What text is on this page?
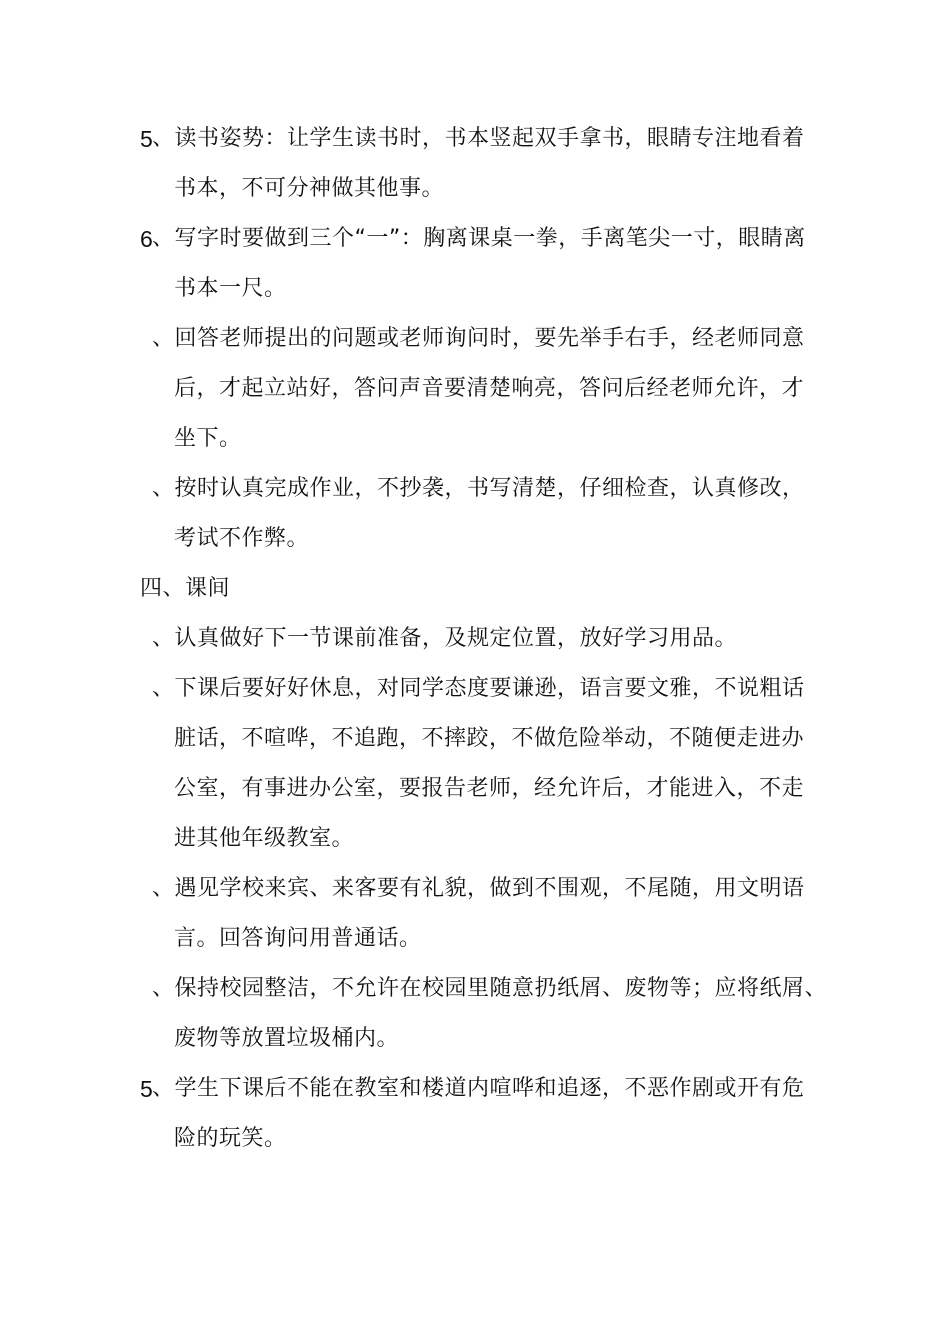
5
、读书姿势：让学生读书时，书本竖起双手拿书，眼睛专注地看着
书本，不可分神做其他事。
6
、写字时要做到三个“一”：胸离课桌一拳，手离笔尖一寸，眼睛离
书本一尺。
、回答老师提出的问题或老师询问时，要先举手右手，经老师同意
后，才起立站好，答问声音要清楚响亮，答问后经老师允许，才
坐下。
、按时认真完成作业，不抄袭，书写清楚，仔细检查，认真修改，
考试不作弊。
四、课间
、认真做好下一节课前准备，及规定位置，放好学习用品。
、下课后要好好休息，对同学态度要谦逊，语言要文雅，不说粗话
脏话，不喧哗，不追跑，不摔跤，不做危险举动，不随便走进办
公室，有事进办公室，要报告老师，经允许后，才能进入，不走
进其他年级教室。
、遇见学校来宾、来客要有礼貌，做到不围观，不尾随，用文明语
言。回答询问用普通话。
、保持校园整洁，不允许在校园里随意扔纸屑、废物等；应将纸屑、
废物等放置垃圾桶内。
5
、学生下课后不能在教室和楼道内喧哗和追逐，不恶作剧或开有危
险的玩笑。
